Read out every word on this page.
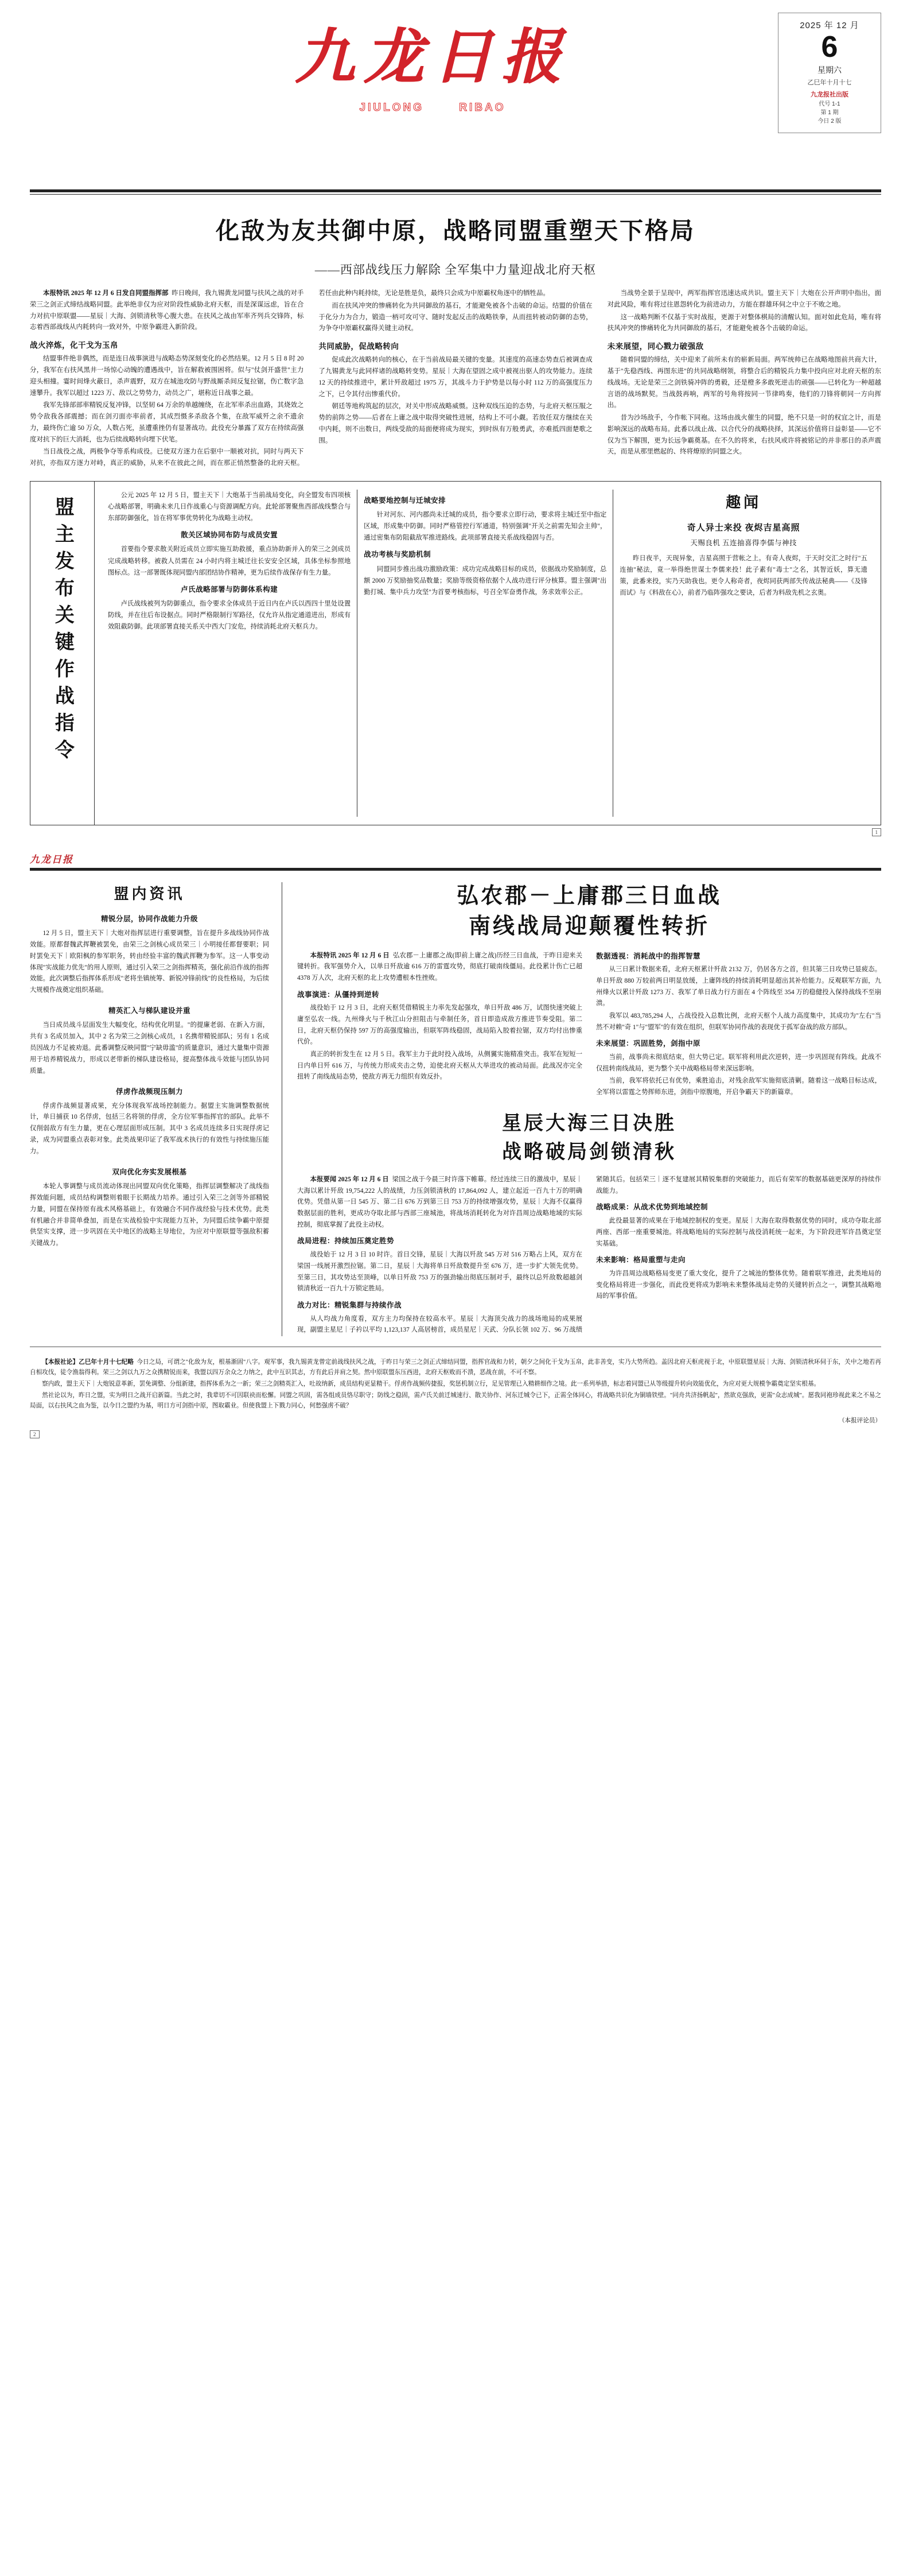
九龙日报
JIULONG	RIBAO
2025 年 12 月
6
星期六
乙巳年十月十七
九龙报社出版
代号 1-1
第 1 期
今日 2 版
化敌为友共御中原，战略同盟重塑天下格局
——西部战线压力解除 全军集中力量迎战北府天枢

本报特讯 2025 年 12 月 6 日发自同盟指挥部 昨日晚间，我九锡黄龙同盟与扶风之战的对手荣三之剑正式缔结战略同盟。此举绝非仅为应对阶段性威胁北府天枢，而是深谋远虑，旨在合力对抗中原联盟——星辰｜大海、剑锁清秋等心腹大患。在扶风之战由军率齐列兵交锋阵，标志着西部战线从内耗转向一致对外，中原争霸进入新阶段。

战火淬炼，化干戈为玉帛

结盟事件绝非偶然，而是连日战事演进与战略态势深刻变化的必然结果。12 月 5 日 8 时 20 分，我军在右扶风黑井一场惊心动魄的遭遇战中，旨在解救被围困将。似与"仗剑开盛世"主力迎头相撞。霎时间烽火蔽日，杀声震野，双方在城池攻防与野战厮杀间反复拉锯，伤亡数字急速攀升。我军以超过 1223 万、敌以之势势力，动员之广，堪称近日战事之最。

我军先锋部部率精锐反复冲锋，以坚韧 64 万余的单越缠绕，在北军率杀出血路，其烧效之势令敌我各部震撼；而在剑刃面亦率前者，其成烈慑多杀敌各个集，在敌军威歼之余不遗余力，最终伤亡逾 50 万众，人数占死，虽遭重挫仍有显著战功。此役充分暴露了双方在持续高强度对抗下的巨大消耗，也为后续战略转向埋下伏笔。

当日战役之战，两极争夺等系构成役。已使双方逐力在后驱中一顺被对抗，同时与两天下对抗，亦指双方逐力对峙，真正的威胁，从来不在彼此之间，而在那正悄然整备的北府天枢。若任由此种内耗持续，无论是胜是负，最终只会成为中原霸权角逐中的牺牲品。

而在扶风冲突的惨痛转化为共同御敌的基石，才能避免被各个击破的命运。结盟的价值在于化分力为合力，锻造一柄可攻可守、随时发起反击的战略铁拳，从而扭转被动防御的态势，为争夺中原霸权赢得关键主动权。

共同威胁，促战略转向

促成此次战略转向的核心，在于当前战局最关键的变量。其速度的高速态势查后被调查成了九锡黄龙与此同样诸的战略转变势。星辰｜大海在望固之成中被视出驱人的攻势能力。连续 12 天的持续推进中，累计歼敌超过 1975 万，其战斗力于护势是以每小时 112 万的高强度压力之下，已令其付出惨重代价。

朝廷等地构筑起的层次，对关中形成战略威慑。这种双线压迫的态势，与北府天枢压服之势的前阵之势——后者在上庸之战中取得突破性进展，结构上不可小觑。若放任双方继续在关中内耗，则不出数日，两线受敌的局面便将成为现实，到时纵有万般勇武，亦难抵四面楚歌之围。

当战势全景于呈现中，两军指挥官迅速达成共识。盟主天下｜大炮在公开声明中指出，面对此风险，唯有将过往恩怨转化为前进动力，方能在群雄环伺之中立于不败之地。

这一战略判断不仅基于实时战报，更源于对整体棋局的清醒认知。面对如此危局，唯有将扶风冲突的惨痛转化为共同御敌的基石，才能避免被各个击破的命运。

未来展望，同心戮力破强敌

随着同盟的缔结，关中迎来了前所未有的崭新局面。两军统帅已在战略地图前共商大计，基于"先稳西线、再图东进"的共同战略纲领，将整合后的精锐兵力集中投向应对北府天枢的东线战场。无论是荣三之剑铁骑冲阵的勇毅，还是橙多多敢死逆击的顽强——已转化为一种超越言语的战场默契。当战鼓再响，两军的号角将按同一节律鸣奏，他们的刀锋将朝同一方向挥出。

昔为沙场敌手，今作帐下同袍。这场由战火催生的同盟，绝不只是一时的权宜之计，而是影响深远的战略布局。此番以战止战、以合代分的战略抉择，其深远价值将日益彰显——它不仅为当下解围，更为长远争霸奠基。在不久的将来，右扶风或许将被铭记的并非那日的杀声震天，而是从那里燃起的、终将燎原的同盟之火。

盟主发布关键作战指令

公元 2025 年 12 月 5 日，盟主天下｜大炮基于当前战局变化，向全盟发布四项核心战略部署，明确未来几日作战重心与资源调配方向。此轮部署聚焦西部战线整合与东部防御强化，旨在将军事优势转化为战略主动权。

散关区域协同布防与成员安置

首要指令要求散关附近成员立即实施互助救援，重点协助新并入的荣三之剑成员完成战略转移。被救人员需在 24 小时内将主城迁往长安安全区域，具体坐标参照地图标点。这一部署既体现同盟内部团结协作精神，更为后续作战保存有生力量。

卢氏战略部署与防御体系构建

卢氏战线被列为防御重点，指令要求全体成员于近日内在卢氏以西四十里处设置防线，并在往后布设据点。同时严格限制行军路径，仅允许从指定通道进出，形成有效阻截防御。此项部署直接关系关中西大门安危，持续消耗北府天枢兵力。

战略要地控制与迁城安排

针对河东、河内郡尚未迁城的成员，指令要求立即行动，要求将主城迁至中指定区域，形成集中防御。同时严格管控行军通道，特别强调"开关之前需先知会主帅"，通过密集布防阻截敌军推进路线。此项部署直接关系战线稳固与否。

战功考核与奖励机制

同盟同步推出战功激励政策：成功完成战略目标的成员，依据战功奖励制度，总额 2000 万奖励抽奖品数量；奖励等级资格依据个人战功进行评分核算。盟主强调"出勤打城、集中兵力攻坚"为首要考核指标，号召全军奋勇作战，务求效率公正。

趣闻
奇人异士来投 夜烬吉星高照
天赐良机 五连抽喜得李儒与神技

昨日夜半，天现异象，吉星高照于营帐之上。有奇人夜烬，于天时交汇之时行"五连抽"秘法，竟一举得绝世谋士李儒来投！此子素有"毒士"之名，其智近妖，算无遗策，此番来投，实乃天助我也。更令人称奇者，夜烬同获两部失传战法秘典——《及锋而试》与《料敌在心》，前者乃临阵强攻之要诀，后者为料敌先机之玄奥。

1
九龙日报
盟内资讯
精锐分层，协同作战能力升级

12 月 5 日，盟主天下｜大炮对指挥层进行重要调整，旨在提升多战线协同作战效能。原都督魏武挥鞭被罢免，由荣三之剑核心成员荣三｜小明接任都督要职；同时罢免天下｜欧阳枫的参军职务，转由经验丰富的魏武挥鞭为参军。这一人事变动体现"实战能力优先"的用人原则，通过引入荣三之剑指挥精英，强化前沿作战的指挥效能。此次调整后指挥体系形成"老将坐镇统筹、新锐冲锋前线"的良性格局，为后续大规模作战奠定组织基础。

精英汇入与梯队建设并重

当日成员战斗层面发生大幅变化，结构优化明显。"的提廉老弱、在新入方面，共有 3 名成员加入，其中 2 名为荣三之剑核心成员，1 名携带精锐部队；另有 1 名成员因战力不足被劝退。此番调整反映同盟"宁缺毋滥"的质量意识，通过大量集中资源用于培养精锐战力，形成以老带新的梯队建设格局，提高整体战斗效能与团队协同质量。

俘虏作战频现压制力

俘虏作战频显著成果，充分体现我军战场控制能力。据盟主实施调整数据统计，单日捕获 10 名俘虏，包括三名将领的俘虏，全方位军事指挥官的部队。此举不仅削弱敌方有生力量，更在心理层面形成压制。其中 3 名成员连续多日实现俘虏记录，成为同盟重点表彰对象。此类战果印证了我军战术执行的有效性与持续施压能力。

双向优化夯实发展根基

本轮人事调整与成员流动体现出同盟双向优化策略，指挥层调整解决了战线指挥效能问题，成员结构调整则着眼于长期战力培养。通过引入荣三之剑等外部精锐力量，同盟在保持原有战术风格基础上，有效融合不同作战经验与技术优势。此类有机融合并非简单叠加，而是在实战检验中实现能力互补，为同盟后续争霸中原提供坚实支撑，进一步巩固在关中地区的战略主导地位，为应对中原联盟等强敌积蓄关键战力。

弘农郡－上庸郡三日血战
南线战局迎颠覆性转折

本报特讯 2025 年 12 月 6 日 弘农郡－上庸郡之战(即前上庸之战)历经三日血战，于昨日迎来关键转折。我军强势介入，以单日歼敌逾 616 万的雷霆攻势，彻底打破南线僵局。此役累计伤亡已超 4378 万人次，北府天枢的北上攻势遭根本性挫败。

战事演进：从僵持到逆转

战役始于 12 月 3 日，北府天枢凭借精锐主力率先发起强攻，单日歼敌 486 万，试图快速突破上庸至弘农一线。九州烽火与千秋江山分担阻击与牵制任务，首日即造成敌方推进节奏受阻。第二日，北府天枢仍保持 597 万的高强度输出，但联军阵线稳固，战局陷入胶着拉锯，双方均付出惨重代价。

真正的转折发生在 12 月 5 日。我军主力于此时投入战场，从侧翼实施精准突击。我军在短短一日内单日歼 616 万，与传统力形成夹击之势，迫使北府天枢从大举进攻的被动局面。此战况亦完全扭转了南线战局态势，使敌方再无力组织有效反扑。

数据透视：消耗战中的指挥智慧

从三日累计数据来看，北府天枢累计歼敌 2132 万，仍居各方之首，但其第三日攻势已显疲态。单日歼敌 880 万较前两日明显放缓，上庸阵线的持续消耗明显超出其补给能力。反观联军方面，九州烽火以累计歼敌 1273 万、我军了单日战力行方面在 4 个阵线至 354 万的稳健投入保持战线不至崩溃。

我军以 483,785,294 人，占战役投入总数比例，北府天枢个人战力高度集中，其成功为"左右"当然不对赖"奇 1"与"盟军"的有效在组织，但联军协同作战的表现优于孤军奋战的敌方部队。

未来展望：巩固胜势，剑指中原

当前，战事尚未彻底结束，但大势已定。联军将利用此次逆转，进一步巩固现有阵线。此战不仅扭转南线战局，更为整个关中战略格局带来深远影响。

当前，我军将依托已有优势，乘胜追击，对残余敌军实施彻底清剿。随着这一战略目标达成，全军将以雷霆之势挥师东进，剑指中原腹地，开启争霸天下的新篇章。

星辰大海三日决胜
战略破局剑锁清秋

本报要闻 2025 年 12 月 6 日 梁国之战于今晨三时许落下帷幕。经过连续三日的激战中，星辰｜大海以累计歼敌 19,754,222 人的战绩，力压剑锁清秋的 17,864,092 人，建立起近一百九十万的明确优势。凭借从第一日 545 万、第二日 676 万到第三日 753 万的持续增强攻势，星辰｜大海不仅赢得数据层面的胜利，更成功夺取北部与西部三座城池，将战场消耗转化为对许昌周边战略地域的实际控制，彻底掌握了此役主动权。

战局进程：持续加压奠定胜势

战役始于 12 月 3 日 10 时许。首日交锋，星辰｜大海以歼敌 545 万对 516 万略占上风，双方在梁国一线展开激烈拉锯。第二日，星辰｜大海将单日歼敌数提升至 676 万，进一步扩大领先优势。至第三日，其攻势达至顶峰，以单日歼敌 753 万的强劲输出彻底压制对手，最终以总歼敌数超越剑锁清秋近一百九十万锁定胜局。

战力对比：精锐集群与持续作战

从人均战力角度看，双方主力均保持在较高水平。星辰｜大海顶尖战力的战场地局的成果展现，副盟主星尼｜子衿以平均 1,123,137 人高居榜首，成员星尼｜天武、分队长领 102 万、96 万战绩紧随其后。包括荣三｜逐不复建展其精锐集群的突破能力，而后有荣军的数据基础更深厚的持续作战能力。

战略成果：从战术优势到地域控制

此役最显著的成果在于地域控制权的变更。星辰｜大海在取得数据优势的同时，成功夺取北部两座、西部一座重要城池。将战略地局的实际控制与战役消耗统一起来，为下阶段进军许昌奠定坚实基础。

未来影响：格局重塑与走向

为许昌周边战略格局变更了重大变化，提升了之城池的整体优势。随着联军推进，此类地局的变化格局将进一步强化，而此役更将成为影响未来整体战局走势的关键转折点之一，调整其战略地局的军事价值。

【本报社论】乙巳年十月十七纪略 今日之局，可谓之"化敌为友，根基渐固"八字。观军事，我九锡黄龙曾定前战线扶风之战，于昨日与荣三之剑正式缔结同盟，指挥官战和力转，朝夕之间化干戈为玉帛，此非善变，实乃大势所趋。盖因北府天枢虎视于北，中原联盟星辰｜大海、剑锁清秋环伺于东，关中之地若再自相攻伐，徒令渔翁得利。荣三之剑以九万之众携精锐而来，我盟以四万余众之力纳之，此中互识其志，方有此后并肩之契。然中原联盟东压西进，北府天枢败而不溃，恶战在前，不可不察。

察内政，盟主天下｜大炮锐意革新，罢免调整、分组新建，指挥体系为之一新；荣三之剑精英汇入，吐故纳新，成员结构更显精干。俘虏作战频传捷报，奖惩机制立行，足见管理已入精耕细作之境。此一系列举措，标志着同盟已从等级提升转向效能优化，为应对更大规模争霸奠定坚实根基。

然社论以为，昨日之盟，实为明日之战开启新篇。当此之时，我辈切不可因联袂而松懈。同盟之巩固，需各组成员恪尽职守；防线之稳固，需卢氏关前迁城速行、散关协作、河东迁城令已下，正需全体同心，将战略共识化为铜墙铁壁。"同舟共济扬帆起"，然欲克强敌，更需"众志成城"。愿我同袍珍视此来之不易之局面，以右扶风之血为鉴，以今日之盟约为基，明日方可剑指中原，图取霸业。但使我盟上下戮力同心，何愁强虏不破？

（本报评论员）

2
